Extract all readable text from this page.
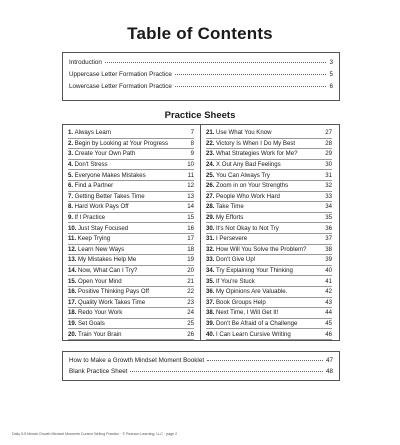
Table of Contents
Introduction	3
Uppercase Letter Formation Practice	5
Lowercase Letter Formation Practice	6
Practice Sheets
1. Always Learn	7
2. Begin by Looking at Your Progress	8
3. Create Your Own Path	9
4. Don't Stress	10
5. Everyone Makes Mistakes	11
6. Find a Partner	12
7. Getting Better Takes Time	13
8. Hard Work Pays Off	14
9. If I Practice	15
10. Just Stay Focused	16
11. Keep Trying	17
12. Learn New Ways	18
13. My Mistakes Help Me	19
14. Now, What Can I Try?	20
15. Open Your Mind	21
16. Positive Thinking Pays Off	22
17. Quality Work Takes Time	23
18. Redo Your Work	24
19. Set Goals	25
20. Train Your Brain	26
21. Use What You Know	27
22. Victory Is When I Do My Best	28
23. What Strategies Work for Me?	29
24. X Out Any Bad Feelings	30
25. You Can Always Try	31
26. Zoom in on Your Strengths	32
27. People Who Work Hard	33
28. Take Time	34
29. My Efforts	35
30. It's Not Okay to Not Try	36
31. I Persevere	37
32. How Will You Solve the Problem?	38
33. Don't Give Up!	39
34. Try Explaining Your Thinking	40
35. If You're Stuck	41
36. My Opinions Are Valuable.	42
37. Book Groups Help	43
38. Next Time, I Will Get It!	44
39. Don't Be Afraid of a Challenge	45
40. I Can Learn Cursive Writing	46
How to Make a Growth Mindset Moment Booklet	47
Blank Practice Sheet	48
Daily 5-5 Minute Growth Mindset Moments Cursive Writing Practice · © Pearson Learning, LLC · page 2
